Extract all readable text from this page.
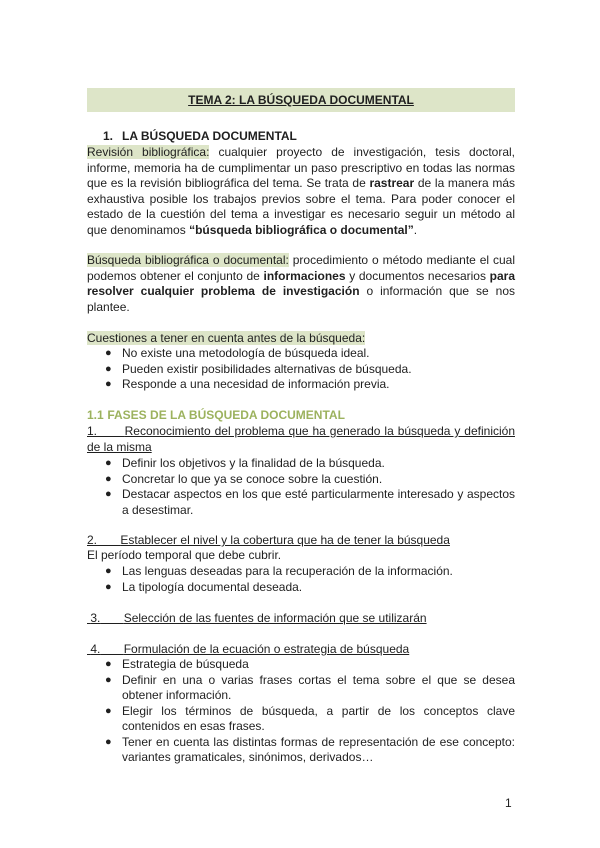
TEMA 2: LA BÚSQUEDA DOCUMENTAL
1. LA BÚSQUEDA DOCUMENTAL

Revisión bibliográfica: cualquier proyecto de investigación, tesis doctoral, informe, memoria ha de cumplimentar un paso prescriptivo en todas las normas que es la revisión bibliográfica del tema. Se trata de rastrear de la manera más exhaustiva posible los trabajos previos sobre el tema. Para poder conocer el estado de la cuestión del tema a investigar es necesario seguir un método al que denominamos “búsqueda bibliográfica o documental”.

Búsqueda bibliográfica o documental: procedimiento o método mediante el cual podemos obtener el conjunto de informaciones y documentos necesarios para resolver cualquier problema de investigación o información que se nos plantee.

Cuestiones a tener en cuenta antes de la búsqueda:

● No existe una metodología de búsqueda ideal.
● Pueden existir posibilidades alternativas de búsqueda.
● Responde a una necesidad de información previa.
1.1 FASES DE LA BÚSQUEDA DOCUMENTAL
1. Reconocimiento del problema que ha generado la búsqueda y definición de la misma
● Definir los objetivos y la finalidad de la búsqueda.
● Concretar lo que ya se conoce sobre la cuestión.
● Destacar aspectos en los que esté particularmente interesado y aspectos a desestimar.
2. Establecer el nivel y la cobertura que ha de tener la búsqueda

El período temporal que debe cubrir.

● Las lenguas deseadas para la recuperación de la información.
● La tipología documental deseada.
3. Selección de las fuentes de información que se utilizarán
4. Formulación de la ecuación o estrategia de búsqueda
● Estrategia de búsqueda
● Definir en una o varias frases cortas el tema sobre el que se desea obtener información.
● Elegir los términos de búsqueda, a partir de los conceptos clave contenidos en esas frases.
● Tener en cuenta las distintas formas de representación de ese concepto: variantes gramaticales, sinónimos, derivados…
1
